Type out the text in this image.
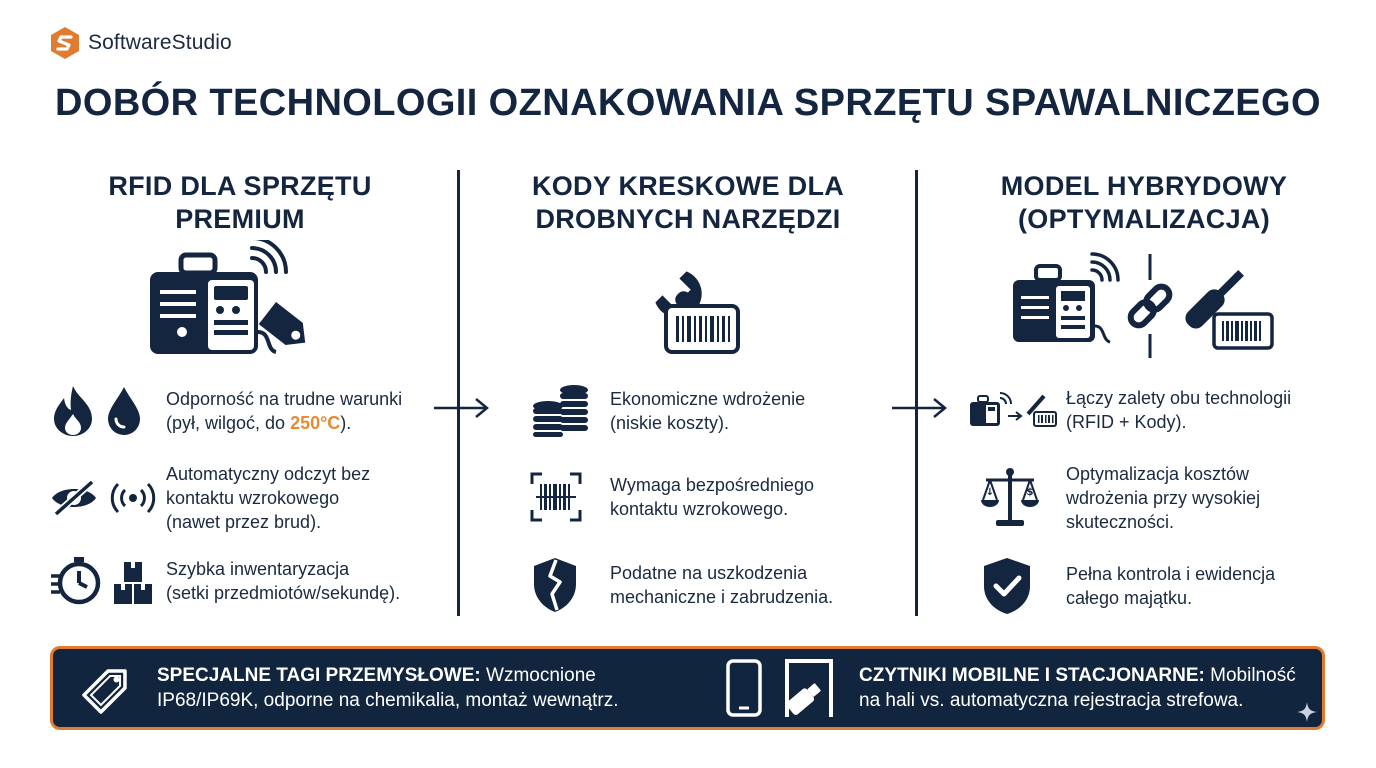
SoftwareStudio
DOBÓR TECHNOLOGII OZNAKOWANIA SPRZĘTU SPAWALNICZEGO
RFID DLA SPRZĘTU
PREMIUM
Odporność na trudne warunki
(pył, wilgoć, do 250°C).
Automatyczny odczyt bez
kontaktu wzrokowego
(nawet przez brud).
Szybka inwentaryzacja
(setki przedmiotów/sekundę).
KODY KRESKOWE DLA
DROBNYCH NARZĘDZI
Ekonomiczne wdrożenie
(niskie koszty).
Wymaga bezpośredniego
kontaktu wzrokowego.
Podatne na uszkodzenia
mechaniczne i zabrudzenia.
MODEL HYBRYDOWY
(OPTYMALIZACJA)
Łączy zalety obu technologii
(RFID + Kody).
↓	$
Optymalizacja kosztów
wdrożenia przy wysokiej
skuteczności.
Pełna kontrola i ewidencja
całego majątku.
SPECJALNE TAGI PRZEMYSŁOWE: Wzmocnione
IP68/IP69K, odporne na chemikalia, montaż wewnątrz.
CZYTNIKI MOBILNE I STACJONARNE: Mobilność
na hali vs. automatyczna rejestracja strefowa.
